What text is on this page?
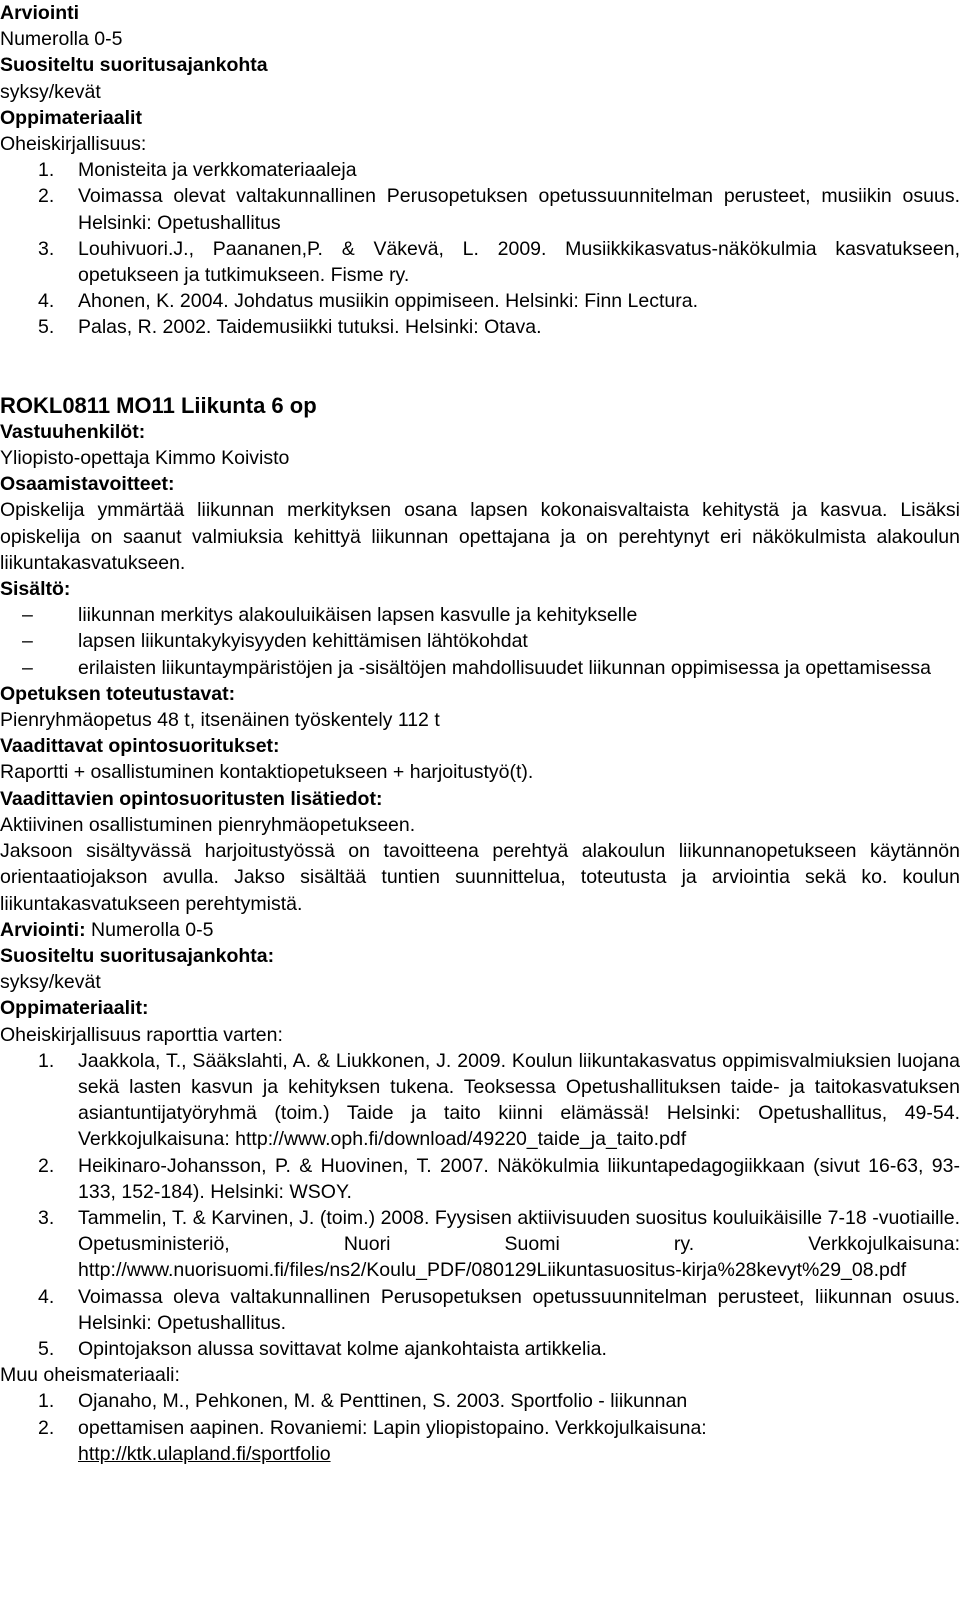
Arviointi
Numerolla 0-5
Suositeltu suoritusajankohta
syksy/kevät
Oppimateriaalit
Oheiskirjallisuus:
1. Monisteita ja verkkomateriaaleja
2. Voimassa olevat valtakunnallinen Perusopetuksen opetussuunnitelman perusteet, musiikin osuus. Helsinki: Opetushallitus
3. Louhivuori.J., Paananen,P. & Väkevä, L. 2009. Musiikkikasvatus-näkökulmia kasvatukseen, opetukseen ja tutkimukseen. Fisme ry.
4. Ahonen, K. 2004. Johdatus musiikin oppimiseen. Helsinki: Finn Lectura.
5. Palas, R. 2002. Taidemusiikki tutuksi. Helsinki: Otava.
ROKL0811 MO11 Liikunta 6 op
Vastuuhenkilöt:
Yliopisto-opettaja Kimmo Koivisto
Osaamistavoitteet:
Opiskelija ymmärtää liikunnan merkityksen osana lapsen kokonaisvaltaista kehitystä ja kasvua. Lisäksi opiskelija on saanut valmiuksia kehittyä liikunnan opettajana ja on perehtynyt eri näkökulmista alakoulun liikuntakasvatukseen.
Sisältö:
– liikunnan merkitys alakouluikäisen lapsen kasvulle ja kehitykselle
– lapsen liikuntakykyisyyden kehittämisen lähtökohdat
– erilaisten liikuntaympäristöjen ja -sisältöjen mahdollisuudet liikunnan oppimisessa ja opettamisessa
Opetuksen toteutustavat:
Pienryhmäopetus 48 t, itsenäinen työskentely 112 t
Vaadittavat opintosuoritukset:
Raportti + osallistuminen kontaktiopetukseen + harjoitustyö(t).
Vaadittavien opintosuoritusten lisätiedot:
Aktiivinen osallistuminen pienryhmäopetukseen.
Jaksoon sisältyvässä harjoitustyössä on tavoitteena perehtyä alakoulun liikunnanopetukseen käytännön orientaatiojakson avulla. Jakso sisältää tuntien suunnittelua, toteutusta ja arviointia sekä ko. koulun liikuntakasvatukseen perehtymistä.
Arviointi: Numerolla 0-5
Suositeltu suoritusajankohta:
syksy/kevät
Oppimateriaalit:
Oheiskirjallisuus raporttia varten:
1. Jaakkola, T., Sääkslahti, A. & Liukkonen, J. 2009. Koulun liikuntakasvatus oppimisvalmiuksien luojana sekä lasten kasvun ja kehityksen tukena. Teoksessa Opetushallituksen taide- ja taitokasvatuksen asiantuntijatyöryhmä (toim.) Taide ja taito kiinni elämässä! Helsinki: Opetushallitus, 49-54. Verkkojulkaisuna: http://www.oph.fi/download/49220_taide_ja_taito.pdf
2. Heikinaro-Johansson, P. & Huovinen, T. 2007. Näkökulmia liikuntapedagogiikkaan (sivut 16-63, 93-133, 152-184). Helsinki: WSOY.
3. Tammelin, T. & Karvinen, J. (toim.) 2008. Fyysisen aktiivisuuden suositus kouluikäisille 7-18 -vuotiaille. Opetusministeriö, Nuori Suomi ry. Verkkojulkaisuna: http://www.nuorisuomi.fi/files/ns2/Koulu_PDF/080129Liikuntasuositus-kirja%28kevyt%29_08.pdf
4. Voimassa oleva valtakunnallinen Perusopetuksen opetussuunnitelman perusteet, liikunnan osuus. Helsinki: Opetushallitus.
5. Opintojakson alussa sovittavat kolme ajankohtaista artikkelia.
Muu oheismateriaali:
1. Ojanaho, M., Pehkonen, M. & Penttinen, S. 2003. Sportfolio - liikunnan
2. opettamisen aapinen. Rovaniemi: Lapin yliopistopaino. Verkkojulkaisuna:
http://ktk.ulapland.fi/sportfolio
